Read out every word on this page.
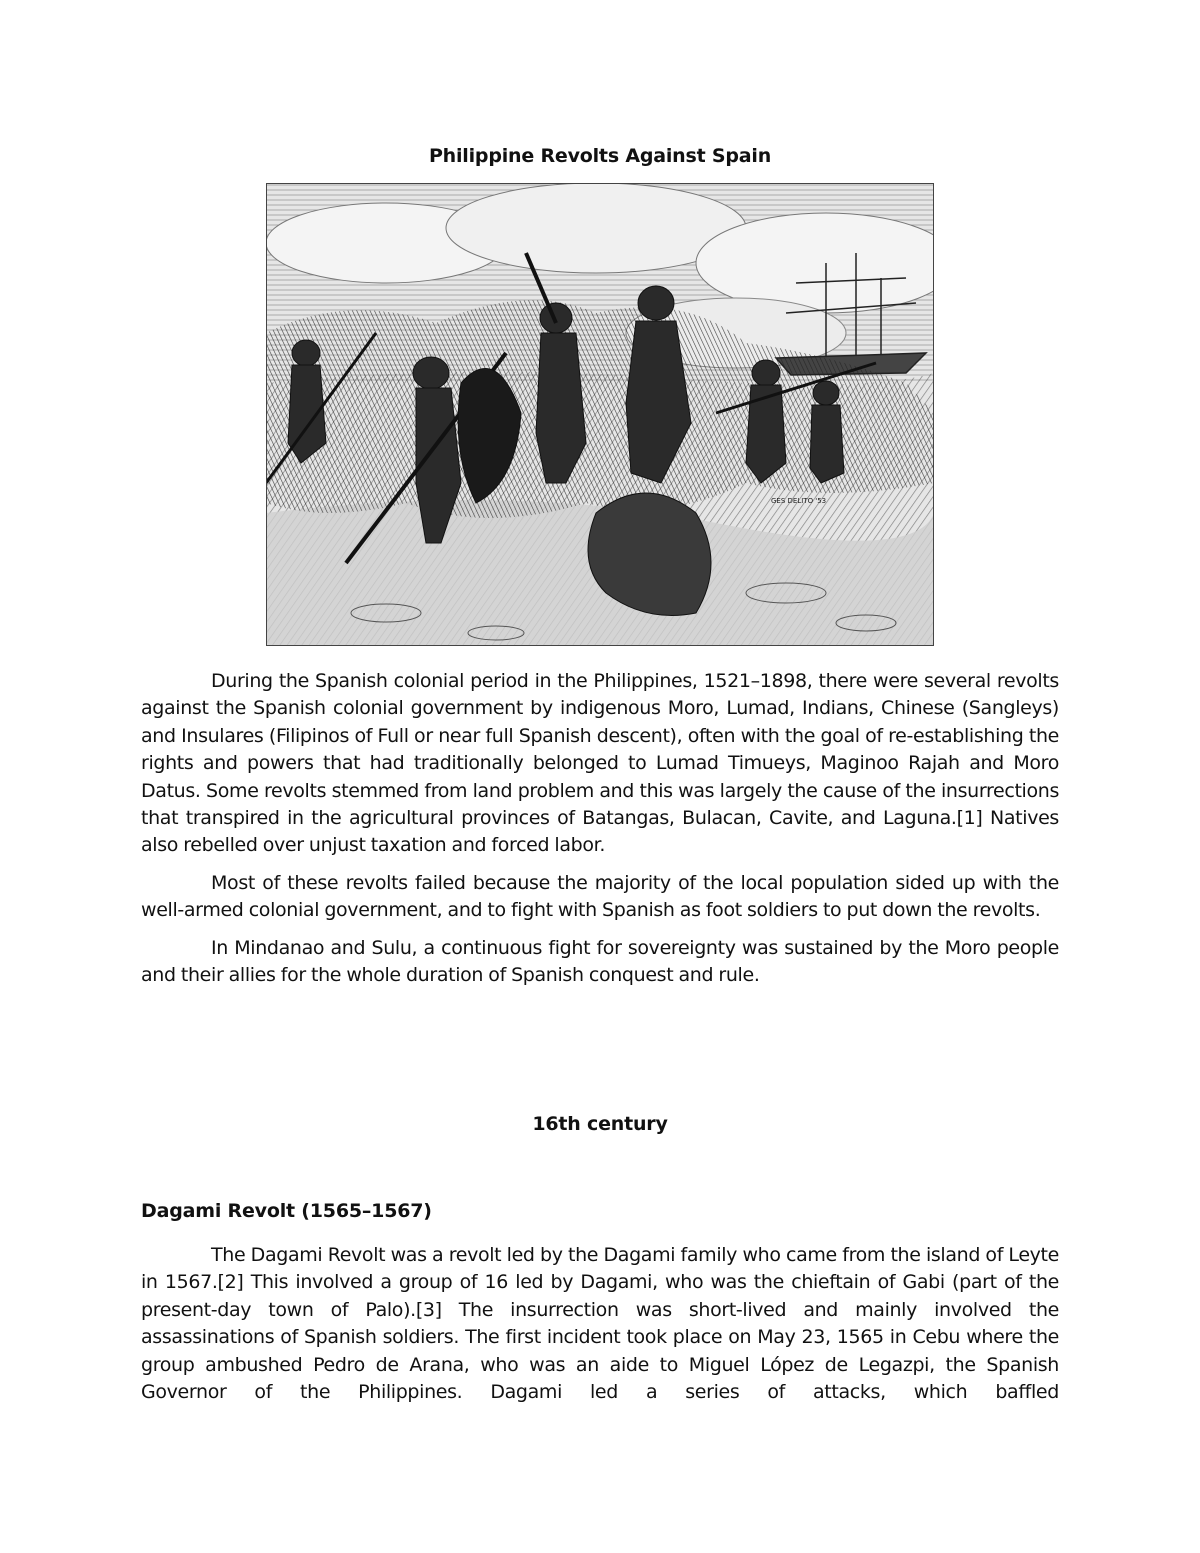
Philippine Revolts Against Spain
GES DELITO '53

During the Spanish colonial period in the Philippines, 1521–1898, there were several revolts against the Spanish colonial government by indigenous Moro, Lumad, Indians, Chinese (Sangleys) and Insulares (Filipinos of Full or near full Spanish descent), often with the goal of re-establishing the rights and powers that had traditionally belonged to Lumad Timueys, Maginoo Rajah and Moro Datus. Some revolts stemmed from land problem and this was largely the cause of the insurrections that transpired in the agricultural provinces of Batangas, Bulacan, Cavite, and Laguna.[1] Natives also rebelled over unjust taxation and forced labor.

Most of these revolts failed because the majority of the local population sided up with the well-armed colonial government, and to fight with Spanish as foot soldiers to put down the revolts.

In Mindanao and Sulu, a continuous fight for sovereignty was sustained by the Moro people and their allies for the whole duration of Spanish conquest and rule.

16th century
Dagami Revolt (1565–1567)

The Dagami Revolt was a revolt led by the Dagami family who came from the island of Leyte in 1567.[2] This involved a group of 16 led by Dagami, who was the chieftain of Gabi (part of the present-day town of Palo).[3] The insurrection was short-lived and mainly involved the assassinations of Spanish soldiers. The first incident took place on May 23, 1565 in Cebu where the group ambushed Pedro de Arana, who was an aide to Miguel López de Legazpi, the Spanish Governor of the Philippines. Dagami led a series of attacks, which baffled
